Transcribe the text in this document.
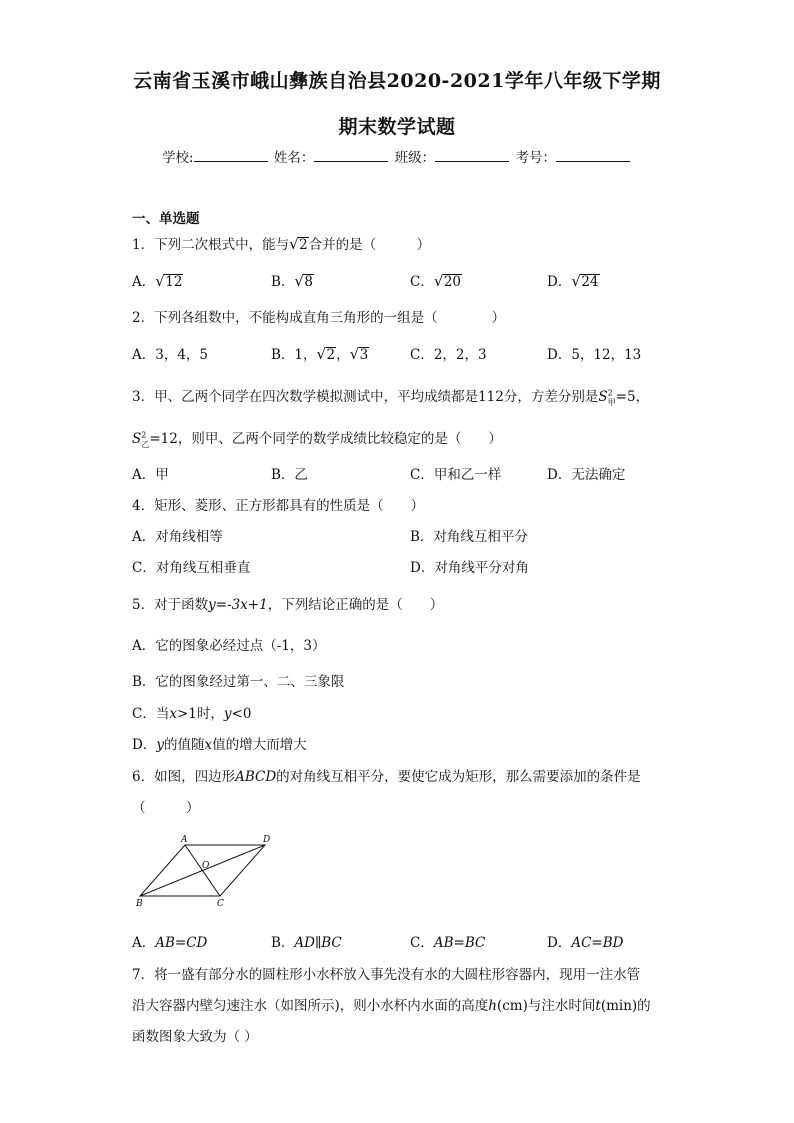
云南省玉溪市峨山彝族自治县2020-2021学年八年级下学期
期末数学试题
学校:	姓名：	班级：	考号：
一、单选题
1．下列二次根式中，能与 √ 2合并的是（　　　）
A． √ 12	B． √ 8	C． √ 20	D． √ 24
2．下列各组数中，不能构成直角三角形的一组是（　　　　）
A．3，4，5	B．1， √ 2， √ 3	C．2，2，3	D．5，12，13
3．甲、乙两个同学在四次数学模拟测试中，平均成绩都是112分，方差分别是$S^2_甲=5$，
$S^2_乙=12$，则甲、乙两个同学的数学成绩比较稳定的是（　　）
A．甲	B．乙	C．甲和乙一样	D．无法确定
4．矩形、菱形、正方形都具有的性质是（　　）
A．对角线相等	B．对角线互相平分
C．对角线互相垂直	D．对角线平分对角
5．对于函数y=-3x+1，下列结论正确的是（　　）
A．它的图象必经过点（-1，3）
B．它的图象经过第一、二、三象限
C．当x>1时，y<0
D．y的值随x值的增大而增大
6．如图，四边形ABCD的对角线互相平分，要使它成为矩形，那么需要添加的条件是
（　　　）
A	D
B	C
O
A．AB=CD	B．AD∥BC	C．AB=BC	D．AC=BD
7．将一盛有部分水的圆柱形小水杯放入事先没有水的大圆柱形容器内，现用一注水管
沿大容器内壁匀速注水（如图所示)，则小水杯内水面的高度h(cm)与注水时间t(min)的
函数图象大致为（ ）
